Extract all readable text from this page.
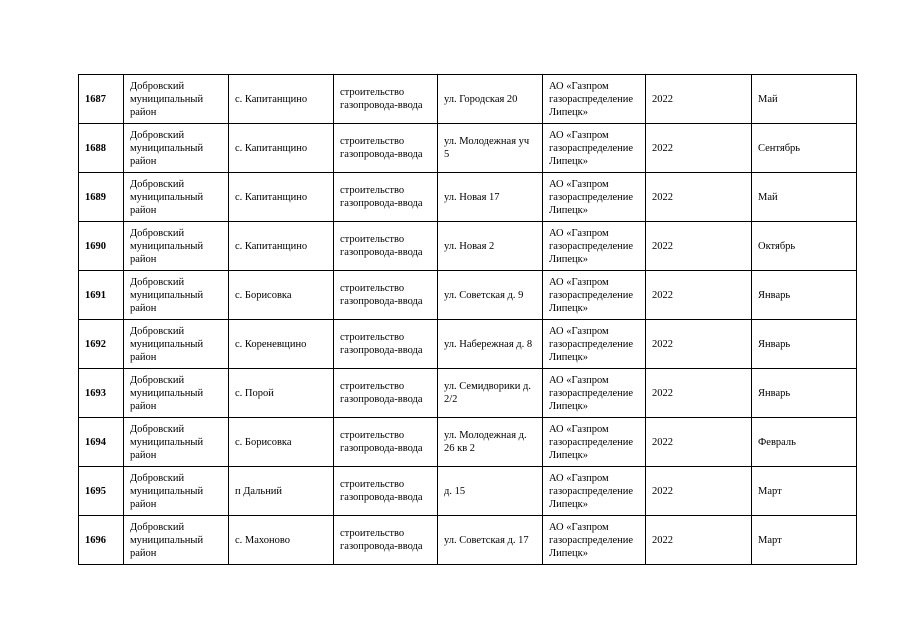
1687	Добровский муниципальный район	с. Капитанщино	строительство газопровода-ввода	ул. Городская 20	АО «Газпром газораспределение Липецк»	2022	Май
1688	Добровский муниципальный район	с. Капитанщино	строительство газопровода-ввода	ул. Молодежная уч 5	АО «Газпром газораспределение Липецк»	2022	Сентябрь
1689	Добровский муниципальный район	с. Капитанщино	строительство газопровода-ввода	ул. Новая 17	АО «Газпром газораспределение Липецк»	2022	Май
1690	Добровский муниципальный район	с. Капитанщино	строительство газопровода-ввода	ул. Новая 2	АО «Газпром газораспределение Липецк»	2022	Октябрь
1691	Добровский муниципальный район	с. Борисовка	строительство газопровода-ввода	ул. Советская д. 9	АО «Газпром газораспределение Липецк»	2022	Январь
1692	Добровский муниципальный район	с. Кореневщино	строительство газопровода-ввода	ул. Набережная д. 8	АО «Газпром газораспределение Липецк»	2022	Январь
1693	Добровский муниципальный район	с. Порой	строительство газопровода-ввода	ул. Семидворики д. 2/2	АО «Газпром газораспределение Липецк»	2022	Январь
1694	Добровский муниципальный район	с. Борисовка	строительство газопровода-ввода	ул. Молодежная д. 26 кв 2	АО «Газпром газораспределение Липецк»	2022	Февраль
1695	Добровский муниципальный район	п Дальний	строительство газопровода-ввода	д. 15	АО «Газпром газораспределение Липецк»	2022	Март
1696	Добровский муниципальный район	с. Махоново	строительство газопровода-ввода	ул. Советская д. 17	АО «Газпром газораспределение Липецк»	2022	Март
